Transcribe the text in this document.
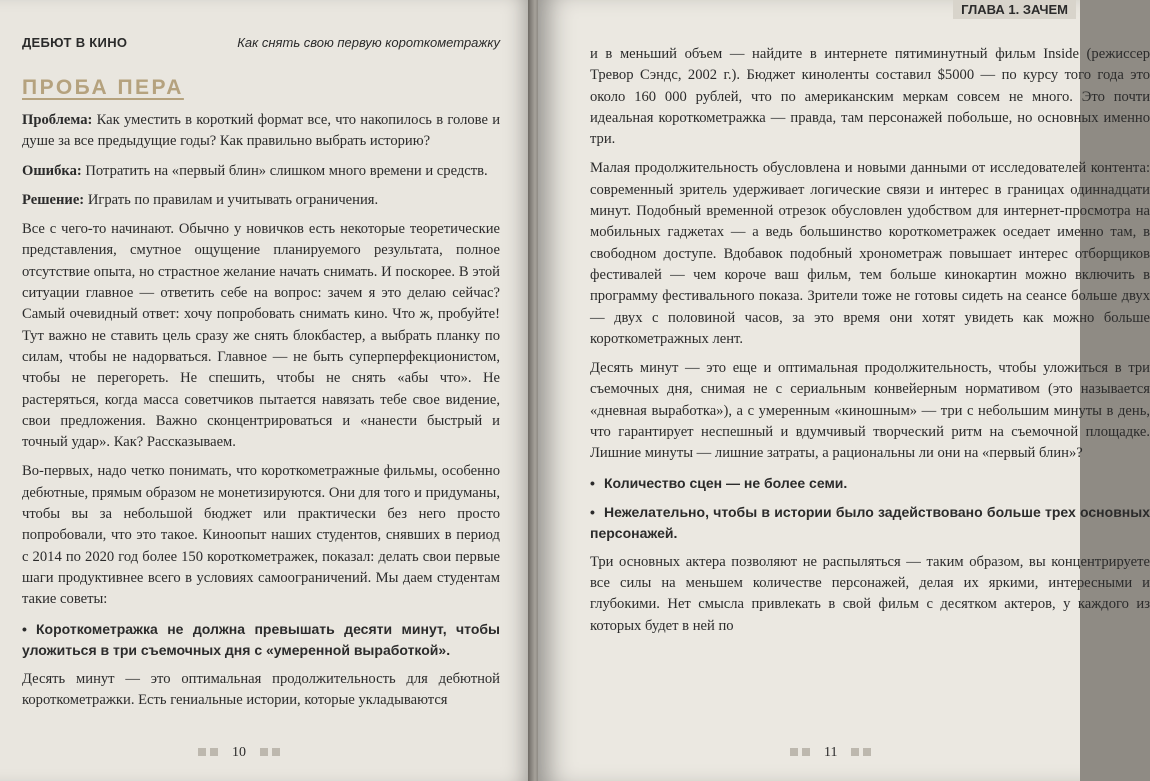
ДЕБЮТ В КИНО	Как снять свою первую короткометражку
ПРОБА ПЕРА

Проблема: Как уместить в короткий формат все, что накопилось в голове и душе за все предыдущие годы? Как правильно выбрать историю?

Ошибка: Потратить на «первый блин» слишком много времени и средств.

Решение: Играть по правилам и учитывать ограничения.

Все с чего-то начинают. Обычно у новичков есть некоторые теоретические представления, смутное ощущение планируемого результата, полное отсутствие опыта, но страстное желание начать снимать. И поскорее. В этой ситуации главное — ответить себе на вопрос: зачем я это делаю сейчас? Самый очевидный ответ: хочу попробовать снимать кино. Что ж, пробуйте! Тут важно не ставить цель сразу же снять блокбастер, а выбрать планку по силам, чтобы не надорваться. Главное — не быть суперперфекционистом, чтобы не перегореть. Не спешить, чтобы не снять «абы что». Не растеряться, когда масса советчиков пытается навязать тебе свое видение, свои предложения. Важно сконцентрироваться и «нанести быстрый и точный удар». Как? Рассказываем.

Во-первых, надо четко понимать, что короткометражные фильмы, особенно дебютные, прямым образом не монетизируются. Они для того и придуманы, чтобы вы за небольшой бюджет или практически без него просто попробовали, что это такое. Киноопыт наших студентов, снявших в период с 2014 по 2020 год более 150 короткометражек, показал: делать свои первые шаги продуктивнее всего в условиях самоограничений. Мы даем студентам такие советы:

• Короткометражка не должна превышать десяти минут, чтобы уложиться в три съемочных дня с «умеренной выработкой».

Десять минут — это оптимальная продолжительность для дебютной короткометражки. Есть гениальные истории, которые укладываются

10
ГЛАВА 1. ЗАЧЕМ

и в меньший объем — найдите в интернете пятиминутный фильм Inside (режиссер Тревор Сэндс, 2002 г.). Бюджет киноленты составил $5000 — по курсу того года это около 160 000 рублей, что по американским меркам совсем не много. Это почти идеальная короткометражка — правда, там персонажей побольше, но основных именно три.

Малая продолжительность обусловлена и новыми данными от исследователей контента: современный зритель удерживает логические связи и интерес в границах одиннадцати минут. Подобный временной отрезок обусловлен удобством для интернет-просмотра на мобильных гаджетах — а ведь большинство короткометражек оседает именно там, в свободном доступе. Вдобавок подобный хронометраж повышает интерес отборщиков фестивалей — чем короче ваш фильм, тем больше кинокартин можно включить в программу фестивального показа. Зрители тоже не готовы сидеть на сеансе больше двух — двух с половиной часов, за это время они хотят увидеть как можно больше короткометражных лент.

Десять минут — это еще и оптимальная продолжительность, чтобы уложиться в три съемочных дня, снимая не с сериальным конвейерным нормативом (это называется «дневная выработка»), а с умеренным «киношным» — три с небольшим минуты в день, что гарантирует неспешный и вдумчивый творческий ритм на съемочной площадке. Лишние минуты — лишние затраты, а рациональны ли они на «первый блин»?

• Количество сцен — не более семи.
• Нежелательно, чтобы в истории было задействовано больше трех основных персонажей.

Три основных актера позволяют не распыляться — таким образом, вы концентрируете все силы на меньшем количестве персонажей, делая их яркими, интересными и глубокими. Нет смысла привлекать в свой фильм с десятком актеров, у каждого из которых будет в ней по

11
